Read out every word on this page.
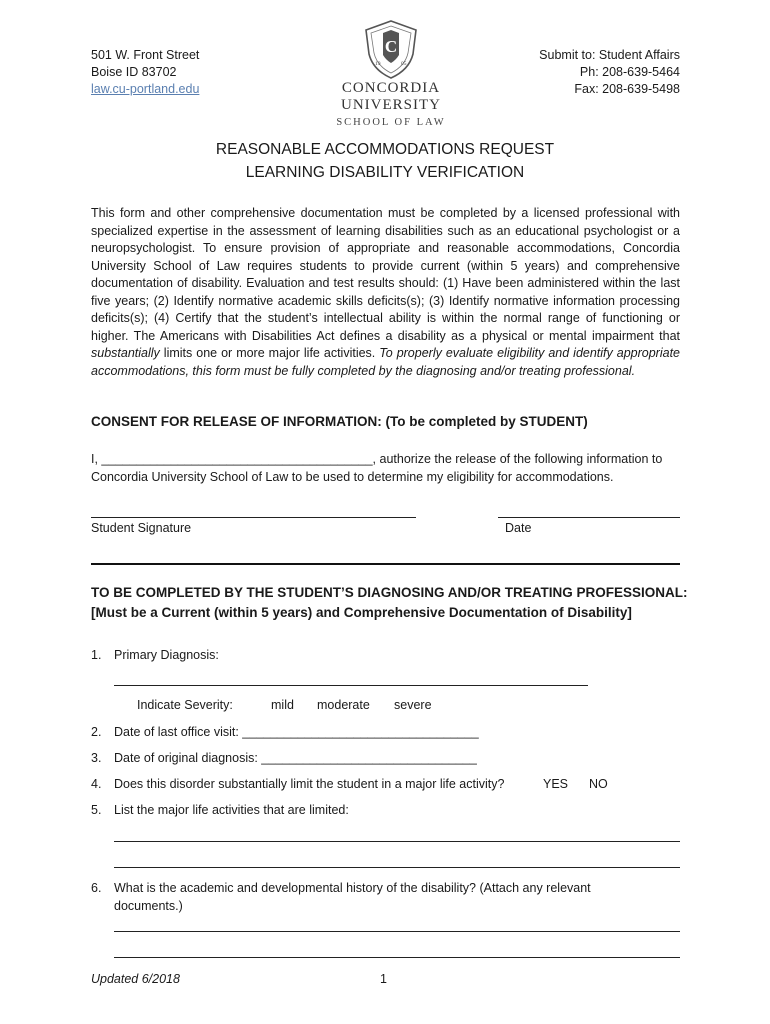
501 W. Front Street
Boise ID 83702
law.cu-portland.edu
C
19	05
CONCORDIA UNIVERSITY
SCHOOL OF LAW
Submit to: Student Affairs
Ph: 208-639-5464
Fax: 208-639-5498
REASONABLE ACCOMMODATIONS REQUEST
LEARNING DISABILITY VERIFICATION
This form and other comprehensive documentation must be completed by a licensed professional with specialized expertise in the assessment of learning disabilities such as an educational psychologist or a neuropsychologist. To ensure provision of appropriate and reasonable accommodations, Concordia University School of Law requires students to provide current (within 5 years) and comprehensive documentation of disability. Evaluation and test results should: (1) Have been administered within the last five years; (2) Identify normative academic skills deficits(s); (3) Identify normative information processing deficits(s); (4) Certify that the student’s intellectual ability is within the normal range of functioning or higher. The Americans with Disabilities Act defines a disability as a physical or mental impairment that substantially limits one or more major life activities. To properly evaluate eligibility and identify appropriate accommodations, this form must be fully completed by the diagnosing and/or treating professional.
CONSENT FOR RELEASE OF INFORMATION: (To be completed by STUDENT)
I, _______________________________________, authorize the release of the following information to Concordia University School of Law to be used to determine my eligibility for accommodations.
Student Signature	Date
TO BE COMPLETED BY THE STUDENT’S DIAGNOSING AND/OR TREATING PROFESSIONAL:
[Must be a Current (within 5 years) and Comprehensive Documentation of Disability]
1. Primary Diagnosis:
Indicate Severity:	mild moderate severe
2. Date of last office visit: __________________________________
3. Date of original diagnosis: _______________________________
4. Does this disorder substantially limit the student in a major life activity?	YES NO
5. List the major life activities that are limited:
6. What is the academic and developmental history of the disability? (Attach any relevant
documents.)
Updated 6/2018	1
